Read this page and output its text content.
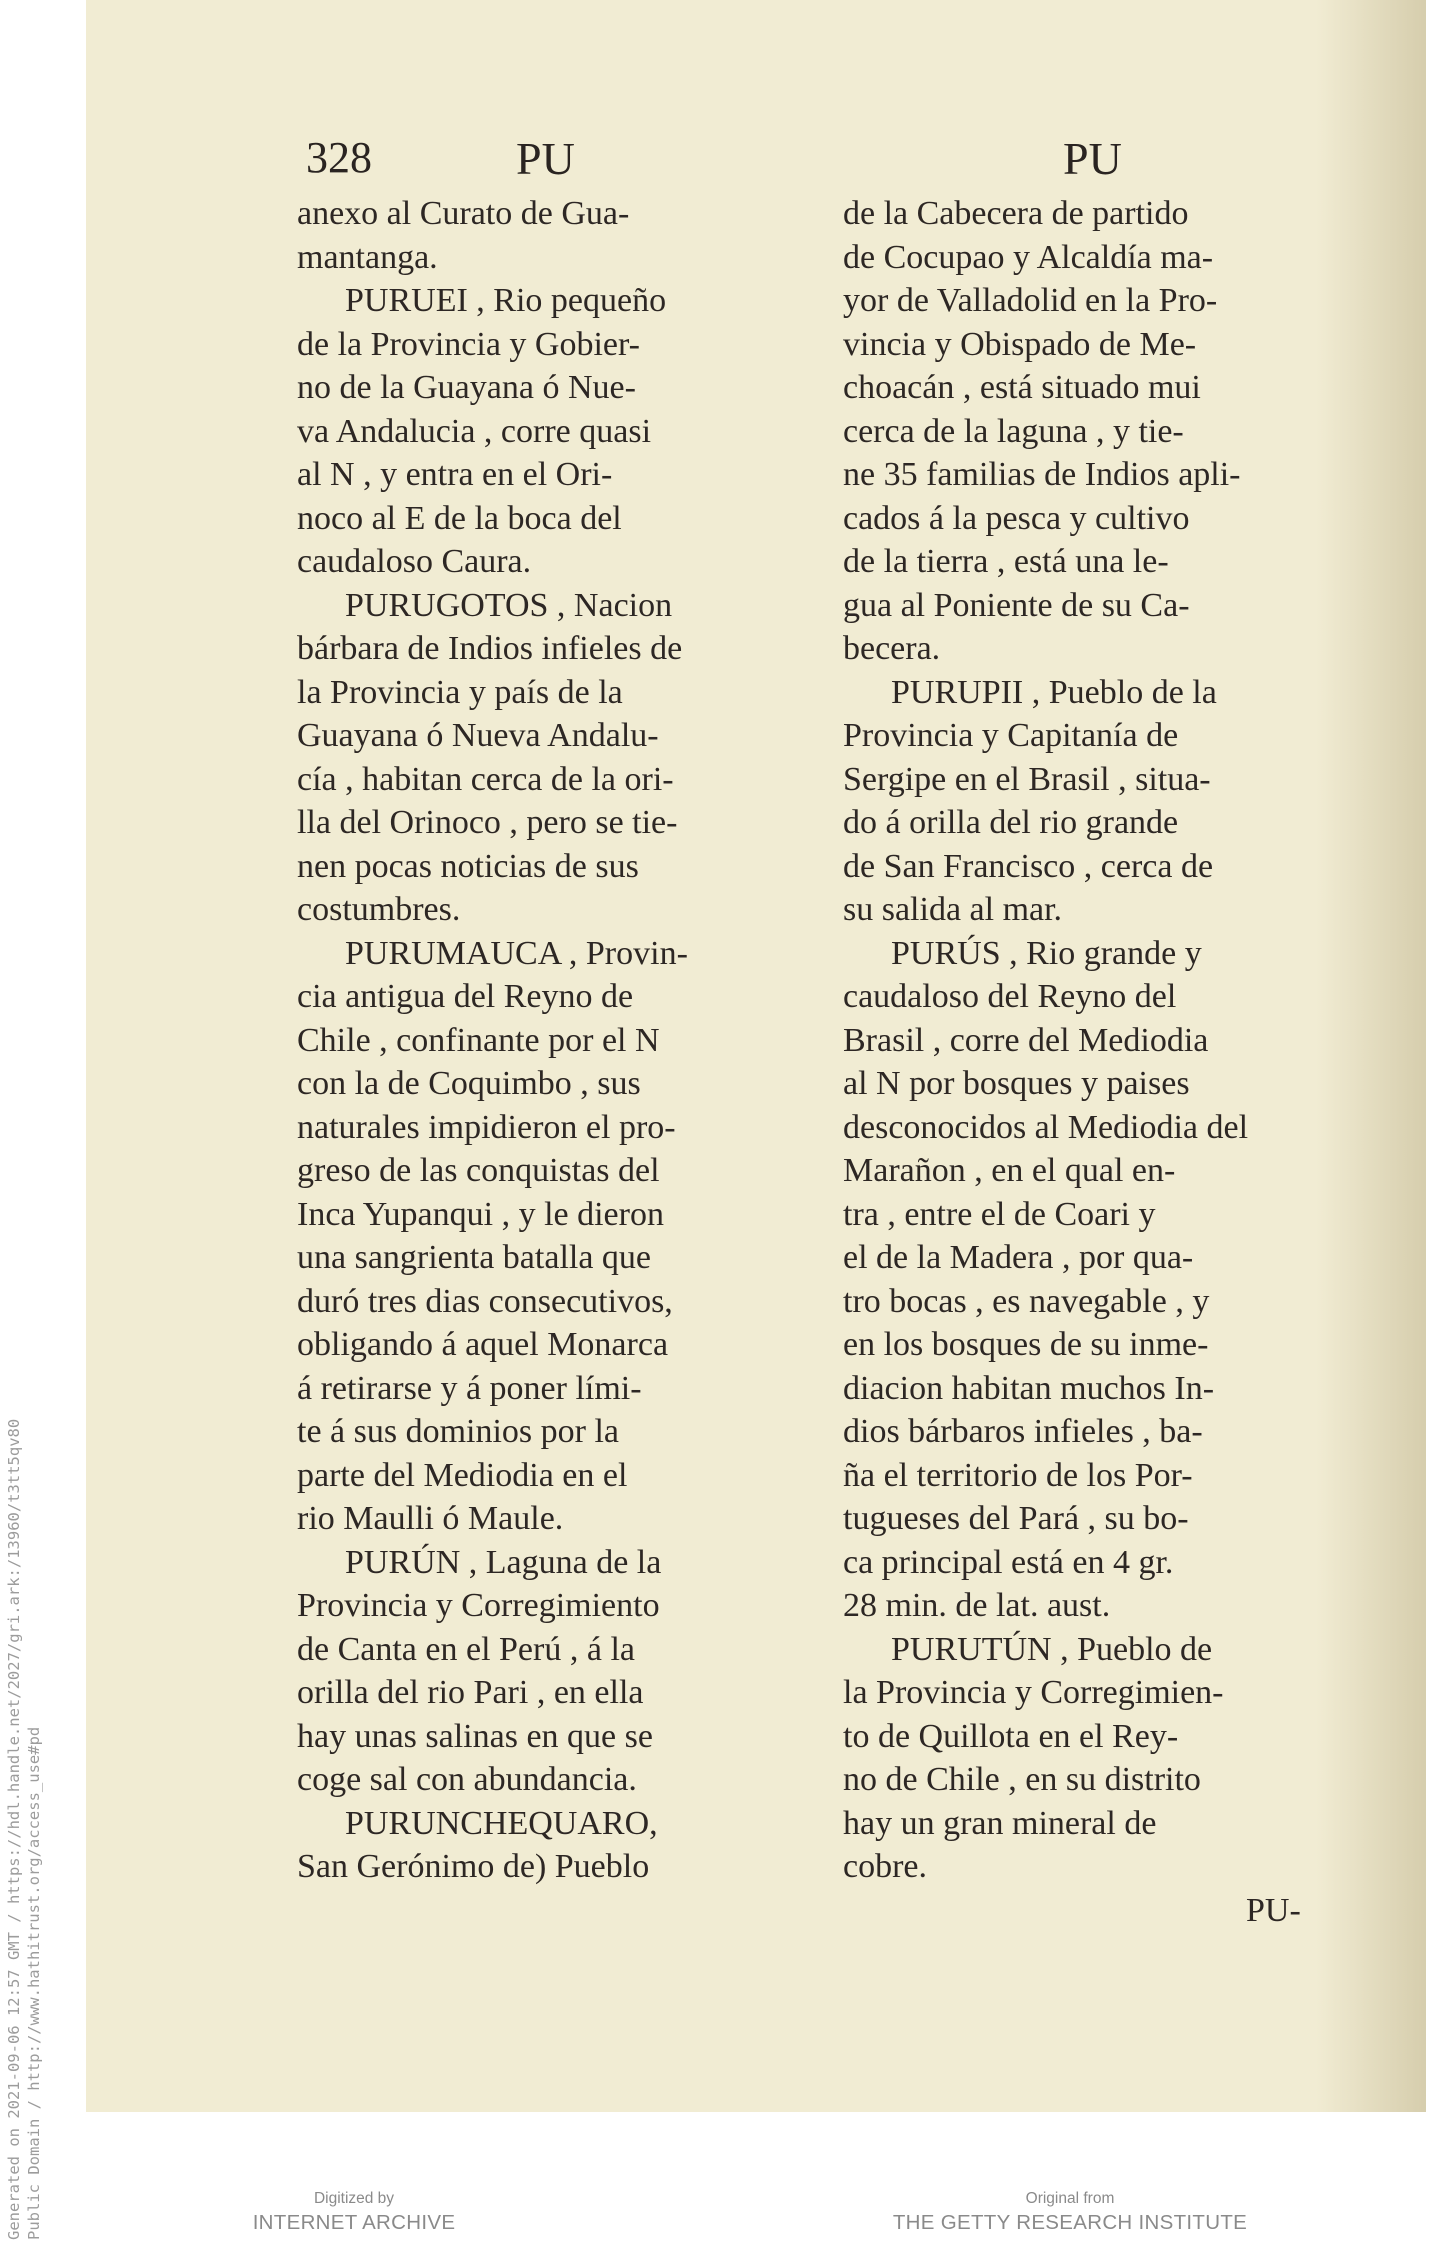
Generated on 2021-09-06 12:57 GMT / https://hdl.handle.net/2027/gri.ark:/13960/t3tt5qv80 Public Domain / http://www.hathitrust.org/access_use#pd
328	PU	PU
anexo al Curato de Gua-
mantanga.
PURUEI , Rio pequeño
de la Provincia y Gobier-
no de la Guayana ó Nue-
va Andalucia , corre quasi
al N , y entra en el Ori-
noco al E de la boca del
caudaloso Caura.
PURUGOTOS , Nacion
bárbara de Indios infieles de
la Provincia y país de la
Guayana ó Nueva Andalu-
cía , habitan cerca de la ori-
lla del Orinoco , pero se tie-
nen pocas noticias de sus
costumbres.
PURUMAUCA , Provin-
cia antigua del Reyno de
Chile , confinante por el N
con la de Coquimbo , sus
naturales impidieron el pro-
greso de las conquistas del
Inca Yupanqui , y le dieron
una sangrienta batalla que
duró tres dias consecutivos,
obligando á aquel Monarca
á retirarse y á poner lími-
te á sus dominios por la
parte del Mediodia en el
rio Maulli ó Maule.
PURÚN , Laguna de la
Provincia y Corregimiento
de Canta en el Perú , á la
orilla del rio Pari , en ella
hay unas salinas en que se
coge sal con abundancia.
PURUNCHEQUARO,
San Gerónimo de) Pueblo
de la Cabecera de partido
de Cocupao y Alcaldía ma-
yor de Valladolid en la Pro-
vincia y Obispado de Me-
choacán , está situado mui
cerca de la laguna , y tie-
ne 35 familias de Indios apli-
cados á la pesca y cultivo
de la tierra , está una le-
gua al Poniente de su Ca-
becera.
PURUPII , Pueblo de la
Provincia y Capitanía de
Sergipe en el Brasil , situa-
do á orilla del rio grande
de San Francisco , cerca de
su salida al mar.
PURÚS , Rio grande y
caudaloso del Reyno del
Brasil , corre del Mediodia
al N por bosques y paises
desconocidos al Mediodia del
Marañon , en el qual en-
tra , entre el de Coari y
el de la Madera , por qua-
tro bocas , es navegable , y
en los bosques de su inme-
diacion habitan muchos In-
dios bárbaros infieles , ba-
ña el territorio de los Por-
tugueses del Pará , su bo-
ca principal está en 4 gr.
28 min. de lat. aust.
PURUTÚN , Pueblo de
la Provincia y Corregimien-
to de Quillota en el Rey-
no de Chile , en su distrito
hay un gran mineral de
cobre.
PU-
Digitized by
INTERNET ARCHIVE
Original from
THE GETTY RESEARCH INSTITUTE
